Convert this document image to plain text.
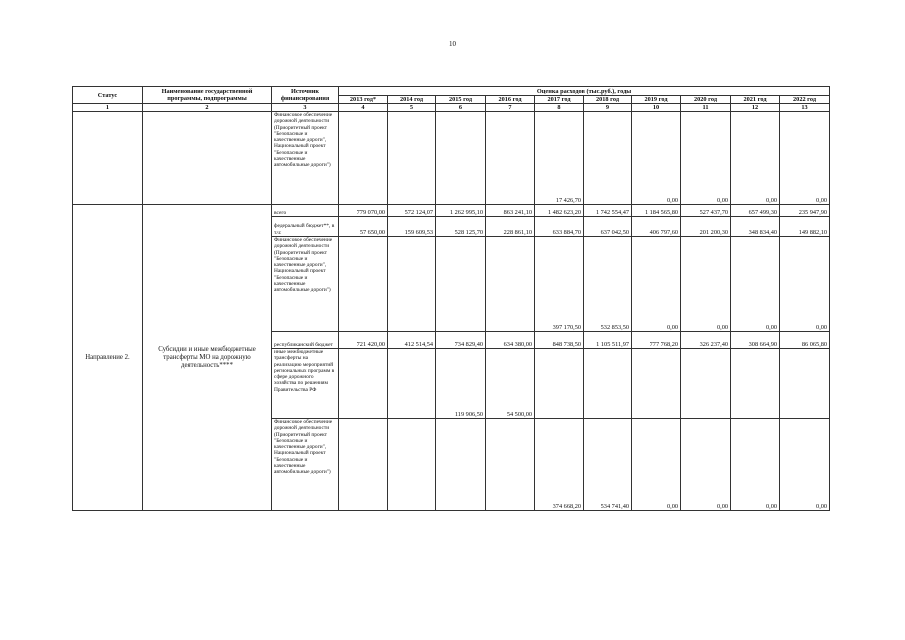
10
Статус	Наименование государственной программы, подпрограммы	Источник финансирования	Оценка расходов (тыс.руб.), годы									
			2013 год*	2014 год	2015 год	2016 год	2017 год	2018 год	2019 год	2020 год	2021 год	2022 год
1	2	3	4	5	6	7	8	9	10	11	12	13
		Финансовое обеспечение дорожной деятельности (Приоритетный проект "Безопасные и качественные дороги", Национальный проект "Безопасные и качественные автомобильные дороги")					17 426,70		0,00	0,00	0,00	0,00
Направление 2.	Субсидии и иные межбюджетные трансферты МО на дорожную деятельность****	всего	779 070,00	572 124,07	1 262 995,10	863 241,10	1 482 623,20	1 742 554,47	1 184 565,80	527 437,70	657 499,30	235 947,90
		федеральный бюджет**, в т.ч:	57 650,00	159 609,53	528 125,70	228 861,10	633 884,70	637 042,50	406 797,60	201 200,30	348 834,40	149 882,10
		Финансовое обеспечение дорожной деятельности (Приоритетный проект "Безопасные и качественные дороги", Национальный проект "Безопасные и качественные автомобильные дороги")					397 170,50	532 853,50	0,00	0,00	0,00	0,00
		республиканский бюджет	721 420,00	412 514,54	734 829,40	634 380,00	848 738,50	1 105 511,97	777 768,20	326 237,40	308 664,90	86 065,80
		иные межбюджетные трансферты на реализацию мероприятий региональных программ в сфере дорожного хозяйства по решениям Правительства РФ			119 906,50	54 500,00						
		Финансовое обеспечение дорожной деятельности (Приоритетный проект "Безопасные и качественные дороги", Национальный проект "Безопасные и качественные автомобильные дороги")					374 668,20	534 741,40	0,00	0,00	0,00	0,00
